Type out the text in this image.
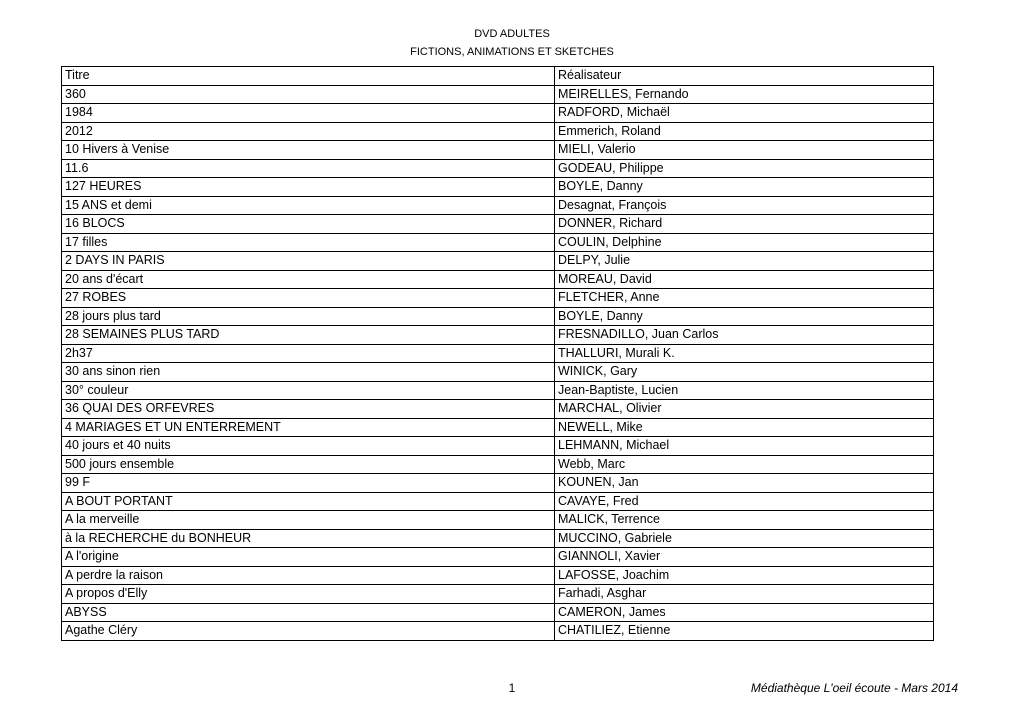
DVD ADULTES
FICTIONS, ANIMATIONS ET SKETCHES
Titre	Réalisateur
360	MEIRELLES, Fernando
1984	RADFORD, Michaël
2012	Emmerich, Roland
10 Hivers à Venise	MIELI, Valerio
11.6	GODEAU, Philippe
127 HEURES	BOYLE, Danny
15 ANS et demi	Desagnat, François
16 BLOCS	DONNER, Richard
17 filles	COULIN, Delphine
2 DAYS IN PARIS	DELPY, Julie
20 ans d'écart	MOREAU, David
27 ROBES	FLETCHER, Anne
28 jours plus tard	BOYLE, Danny
28 SEMAINES PLUS TARD	FRESNADILLO, Juan Carlos
2h37	THALLURI, Murali K.
30 ans sinon rien	WINICK, Gary
30° couleur	Jean-Baptiste, Lucien
36 QUAI DES ORFEVRES	MARCHAL, Olivier
4 MARIAGES ET UN ENTERREMENT	NEWELL, Mike
40 jours et 40 nuits	LEHMANN, Michael
500 jours ensemble	Webb, Marc
99 F	KOUNEN, Jan
A BOUT PORTANT	CAVAYE, Fred
A la merveille	MALICK, Terrence
à la RECHERCHE du BONHEUR	MUCCINO, Gabriele
A l'origine	GIANNOLI, Xavier
A perdre la raison	LAFOSSE, Joachim
A propos d'Elly	Farhadi, Asghar
ABYSS	CAMERON, James
Agathe Cléry	CHATILIEZ, Etienne
1	Médiathèque L'oeil écoute - Mars 2014
